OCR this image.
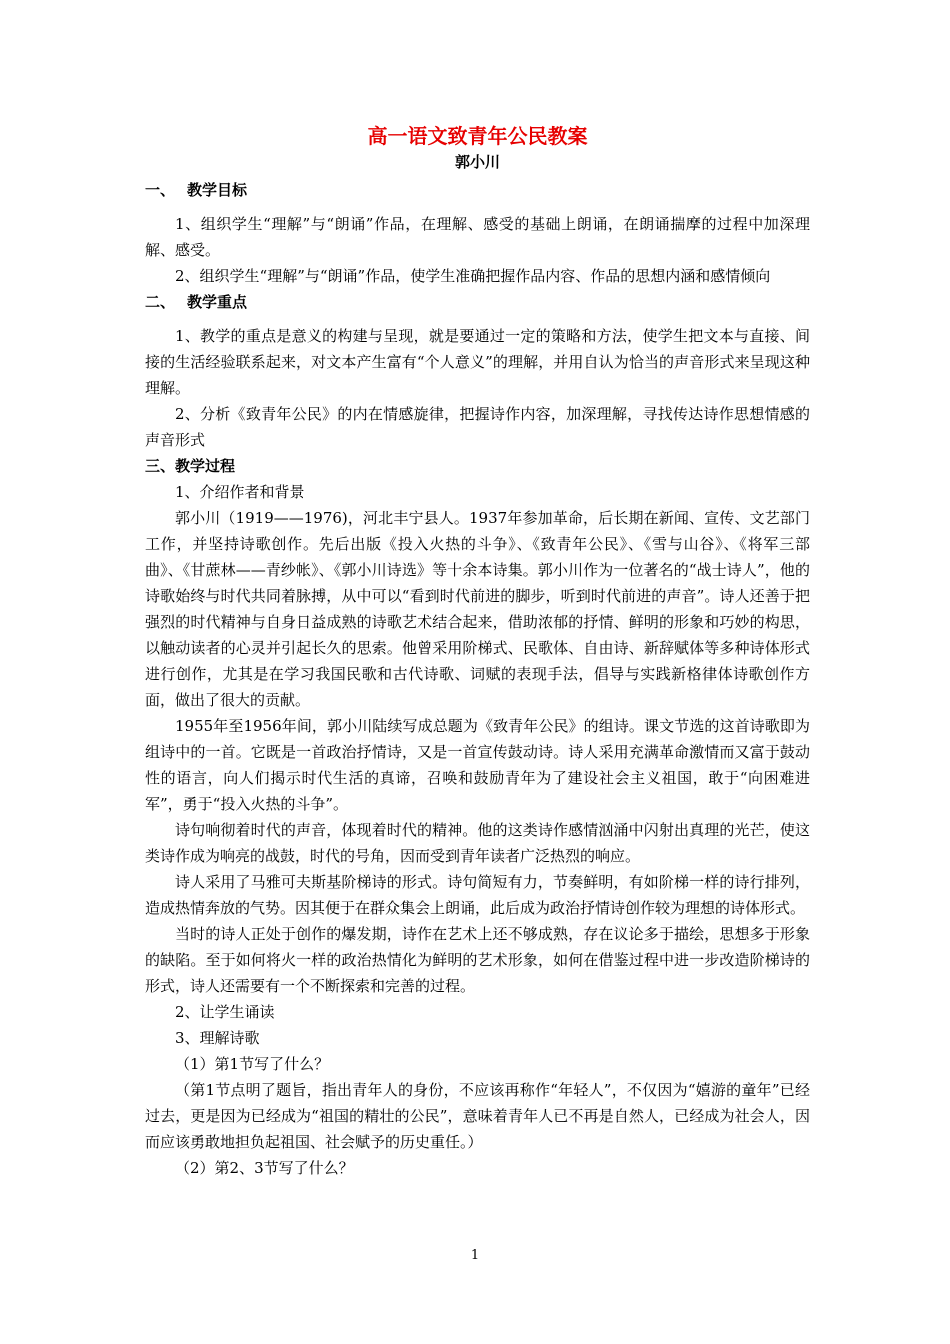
高一语文致青年公民教案

郭小川

一、 教学目标

1、组织学生“理解”与“朗诵”作品，在理解、感受的基础上朗诵，在朗诵揣摩的过程中加深理解、感受。

2、组织学生“理解”与“朗诵”作品，使学生准确把握作品内容、作品的思想内涵和感情倾向

二、 教学重点

1、教学的重点是意义的构建与呈现，就是要通过一定的策略和方法，使学生把文本与直接、间接的生活经验联系起来，对文本产生富有“个人意义”的理解，并用自认为恰当的声音形式来呈现这种理解。

2、分析《致青年公民》的内在情感旋律，把握诗作内容，加深理解，寻找传达诗作思想情感的声音形式

三、教学过程

1、介绍作者和背景

郭小川（1919——1976)，河北丰宁县人。1937年参加革命，后长期在新闻、宣传、文艺部门工作，并坚持诗歌创作。先后出版《投入火热的斗争》、《致青年公民》、《雪与山谷》、《将军三部曲》、《甘蔗林——青纱帐》、《郭小川诗选》等十余本诗集。郭小川作为一位著名的“战士诗人”，他的诗歌始终与时代共同着脉搏，从中可以“看到时代前进的脚步，听到时代前进的声音”。诗人还善于把强烈的时代精神与自身日益成熟的诗歌艺术结合起来，借助浓郁的抒情、鲜明的形象和巧妙的构思，以触动读者的心灵并引起长久的思索。他曾采用阶梯式、民歌体、自由诗、新辞赋体等多种诗体形式进行创作，尤其是在学习我国民歌和古代诗歌、词赋的表现手法，倡导与实践新格律体诗歌创作方面，做出了很大的贡献。

1955年至1956年间，郭小川陆续写成总题为《致青年公民》的组诗。课文节选的这首诗歌即为组诗中的一首。它既是一首政治抒情诗，又是一首宣传鼓动诗。诗人采用充满革命激情而又富于鼓动性的语言，向人们揭示时代生活的真谛，召唤和鼓励青年为了建设社会主义祖国，敢于“向困难进军”，勇于“投入火热的斗争”。

诗句响彻着时代的声音，体现着时代的精神。他的这类诗作感情汹涌中闪射出真理的光芒，使这类诗作成为响亮的战鼓，时代的号角，因而受到青年读者广泛热烈的响应。

诗人采用了马雅可夫斯基阶梯诗的形式。诗句简短有力，节奏鲜明，有如阶梯一样的诗行排列，造成热情奔放的气势。因其便于在群众集会上朗诵，此后成为政治抒情诗创作较为理想的诗体形式。

当时的诗人正处于创作的爆发期，诗作在艺术上还不够成熟，存在议论多于描绘，思想多于形象的缺陷。至于如何将火一样的政治热情化为鲜明的艺术形象，如何在借鉴过程中进一步改造阶梯诗的形式，诗人还需要有一个不断探索和完善的过程。

2、让学生诵读

3、理解诗歌

（1）第1节写了什么？

（第1节点明了题旨，指出青年人的身份，不应该再称作“年轻人”，不仅因为“嬉游的童年”已经过去，更是因为已经成为“祖国的精壮的公民”，意味着青年人已不再是自然人，已经成为社会人，因而应该勇敢地担负起祖国、社会赋予的历史重任。）

（2）第2、3节写了什么？

1
